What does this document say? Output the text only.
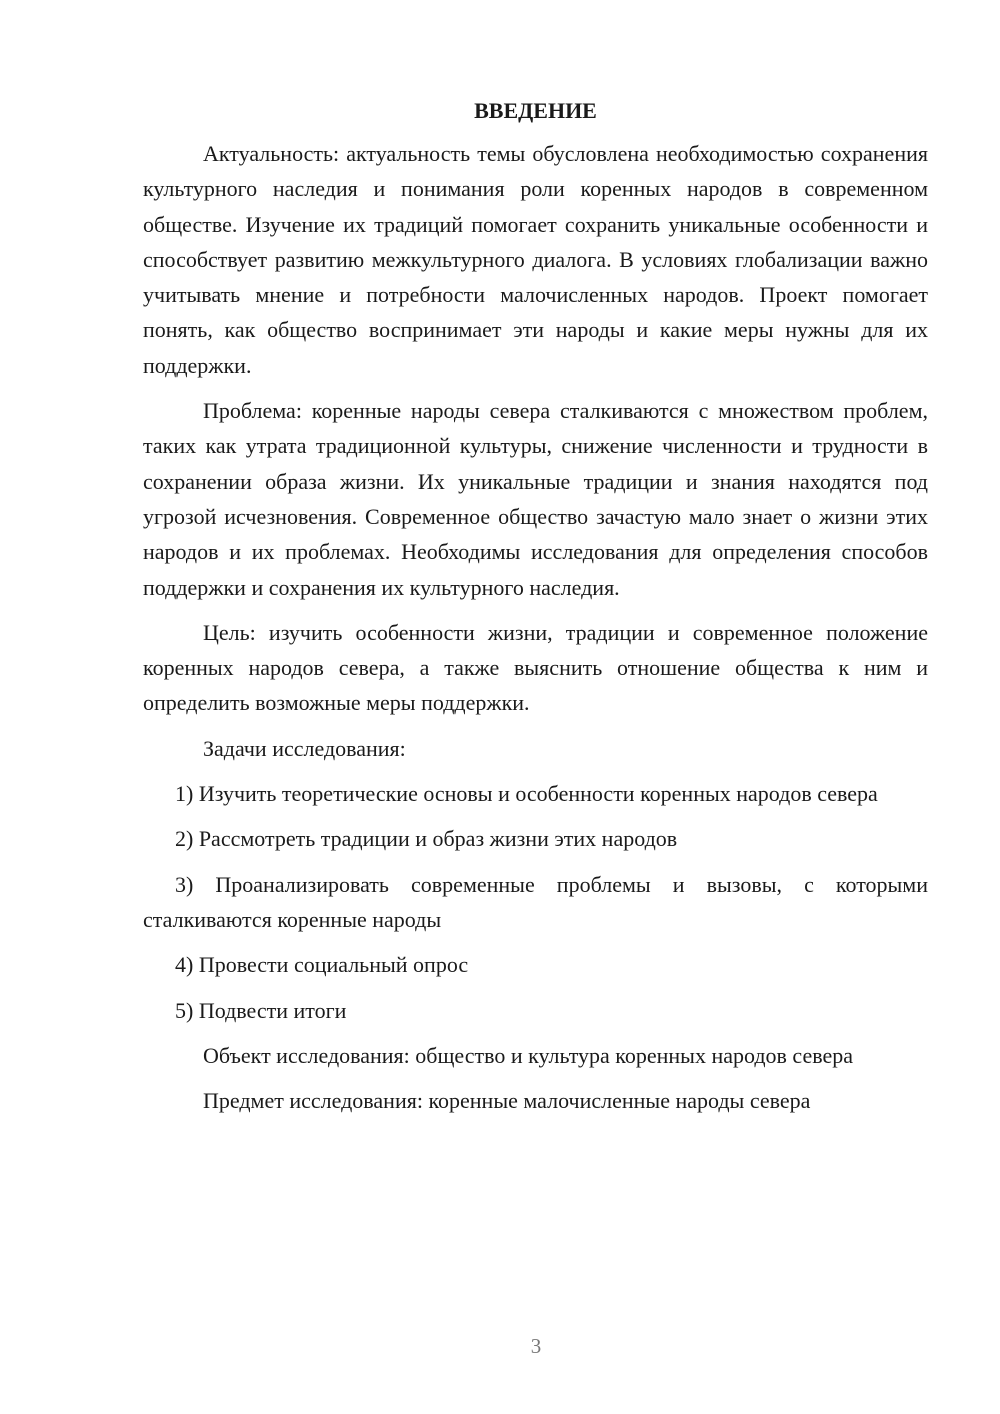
ВВЕДЕНИЕ

Актуальность: актуальность темы обусловлена необходимостью сохранения культурного наследия и понимания роли коренных народов в современном обществе. Изучение их традиций помогает сохранить уникальные особенности и способствует развитию межкультурного диалога. В условиях глобализации важно учитывать мнение и потребности малочисленных народов. Проект помогает понять, как общество воспринимает эти народы и какие меры нужны для их поддержки.

Проблема: коренные народы севера сталкиваются с множеством проблем, таких как утрата традиционной культуры, снижение численности и трудности в сохранении образа жизни. Их уникальные традиции и знания находятся под угрозой исчезновения. Современное общество зачастую мало знает о жизни этих народов и их проблемах. Необходимы исследования для определения способов поддержки и сохранения их культурного наследия.

Цель: изучить особенности жизни, традиции и современное положение коренных народов севера, а также выяснить отношение общества к ним и определить возможные меры поддержки.

Задачи исследования:

1) Изучить теоретические основы и особенности коренных народов севера

2) Рассмотреть традиции и образ жизни этих народов

3) Проанализировать современные проблемы и вызовы, с которыми сталкиваются коренные народы

4) Провести социальный опрос

5) Подвести итоги

Объект исследования: общество и культура коренных народов севера

Предмет исследования: коренные малочисленные народы севера

3
